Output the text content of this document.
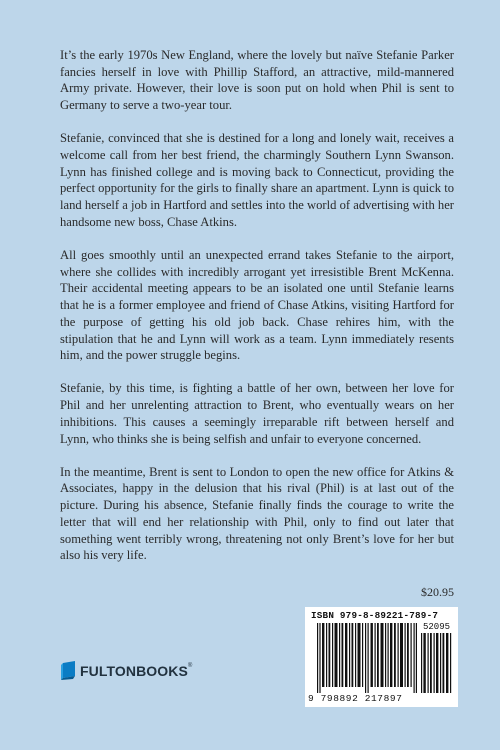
It’s the early 1970s New England, where the lovely but naïve Stefanie Parker fancies herself in love with Phillip Stafford, an attractive, mild-mannered Army private. However, their love is soon put on hold when Phil is sent to Germany to serve a two-year tour.

Stefanie, convinced that she is destined for a long and lonely wait, receives a welcome call from her best friend, the charmingly Southern Lynn Swanson. Lynn has finished college and is moving back to Connecticut, providing the perfect opportunity for the girls to finally share an apartment. Lynn is quick to land herself a job in Hartford and settles into the world of advertising with her handsome new boss, Chase Atkins.

All goes smoothly until an unexpected errand takes Stefanie to the airport, where she collides with incredibly arrogant yet irresistible Brent McKenna. Their accidental meeting appears to be an isolated one until Stefanie learns that he is a former employee and friend of Chase Atkins, visiting Hartford for the purpose of getting his old job back. Chase rehires him, with the stipulation that he and Lynn will work as a team. Lynn immediately resents him, and the power struggle begins.

Stefanie, by this time, is fighting a battle of her own, between her love for Phil and her unrelenting attraction to Brent, who eventually wears on her inhibitions. This causes a seemingly irreparable rift between herself and Lynn, who thinks she is being selfish and unfair to everyone concerned.

In the meantime, Brent is sent to London to open the new office for Atkins & Associates, happy in the delusion that his rival (Phil) is at last out of the picture. During his absence, Stefanie finally finds the courage to write the letter that will end her relationship with Phil, only to find out later that something went terribly wrong, threatening not only Brent’s love for her but also his very life.

$20.95
ISBN 979-8-89221-789-7
52095
9 798892 217897
FULTONBOOKS®
